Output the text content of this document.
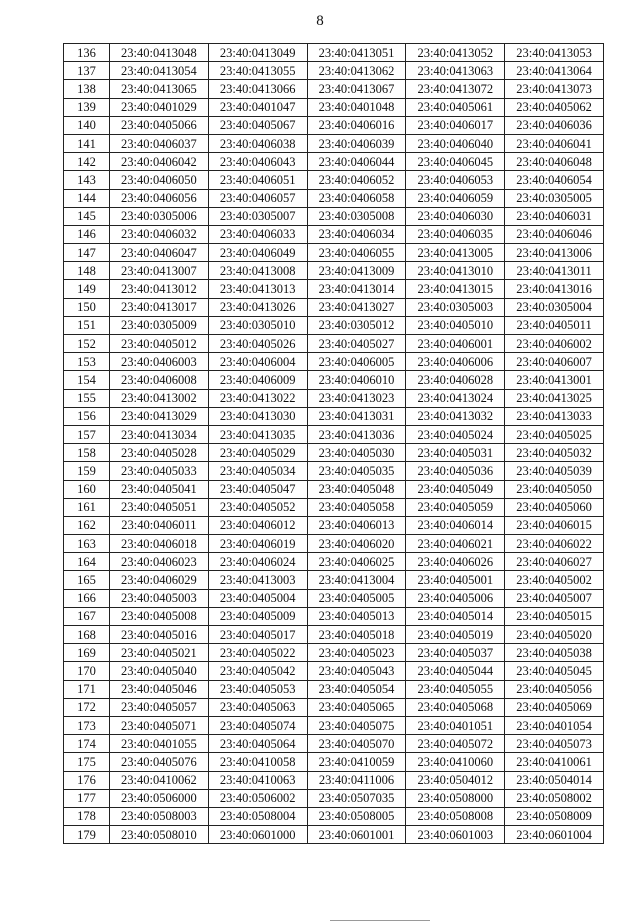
8
136	23:40:0413048	23:40:0413049	23:40:0413051	23:40:0413052	23:40:0413053
137	23:40:0413054	23:40:0413055	23:40:0413062	23:40:0413063	23:40:0413064
138	23:40:0413065	23:40:0413066	23:40:0413067	23:40:0413072	23:40:0413073
139	23:40:0401029	23:40:0401047	23:40:0401048	23:40:0405061	23:40:0405062
140	23:40:0405066	23:40:0405067	23:40:0406016	23:40:0406017	23:40:0406036
141	23:40:0406037	23:40:0406038	23:40:0406039	23:40:0406040	23:40:0406041
142	23:40:0406042	23:40:0406043	23:40:0406044	23:40:0406045	23:40:0406048
143	23:40:0406050	23:40:0406051	23:40:0406052	23:40:0406053	23:40:0406054
144	23:40:0406056	23:40:0406057	23:40:0406058	23:40:0406059	23:40:0305005
145	23:40:0305006	23:40:0305007	23:40:0305008	23:40:0406030	23:40:0406031
146	23:40:0406032	23:40:0406033	23:40:0406034	23:40:0406035	23:40:0406046
147	23:40:0406047	23:40:0406049	23:40:0406055	23:40:0413005	23:40:0413006
148	23:40:0413007	23:40:0413008	23:40:0413009	23:40:0413010	23:40:0413011
149	23:40:0413012	23:40:0413013	23:40:0413014	23:40:0413015	23:40:0413016
150	23:40:0413017	23:40:0413026	23:40:0413027	23:40:0305003	23:40:0305004
151	23:40:0305009	23:40:0305010	23:40:0305012	23:40:0405010	23:40:0405011
152	23:40:0405012	23:40:0405026	23:40:0405027	23:40:0406001	23:40:0406002
153	23:40:0406003	23:40:0406004	23:40:0406005	23:40:0406006	23:40:0406007
154	23:40:0406008	23:40:0406009	23:40:0406010	23:40:0406028	23:40:0413001
155	23:40:0413002	23:40:0413022	23:40:0413023	23:40:0413024	23:40:0413025
156	23:40:0413029	23:40:0413030	23:40:0413031	23:40:0413032	23:40:0413033
157	23:40:0413034	23:40:0413035	23:40:0413036	23:40:0405024	23:40:0405025
158	23:40:0405028	23:40:0405029	23:40:0405030	23:40:0405031	23:40:0405032
159	23:40:0405033	23:40:0405034	23:40:0405035	23:40:0405036	23:40:0405039
160	23:40:0405041	23:40:0405047	23:40:0405048	23:40:0405049	23:40:0405050
161	23:40:0405051	23:40:0405052	23:40:0405058	23:40:0405059	23:40:0405060
162	23:40:0406011	23:40:0406012	23:40:0406013	23:40:0406014	23:40:0406015
163	23:40:0406018	23:40:0406019	23:40:0406020	23:40:0406021	23:40:0406022
164	23:40:0406023	23:40:0406024	23:40:0406025	23:40:0406026	23:40:0406027
165	23:40:0406029	23:40:0413003	23:40:0413004	23:40:0405001	23:40:0405002
166	23:40:0405003	23:40:0405004	23:40:0405005	23:40:0405006	23:40:0405007
167	23:40:0405008	23:40:0405009	23:40:0405013	23:40:0405014	23:40:0405015
168	23:40:0405016	23:40:0405017	23:40:0405018	23:40:0405019	23:40:0405020
169	23:40:0405021	23:40:0405022	23:40:0405023	23:40:0405037	23:40:0405038
170	23:40:0405040	23:40:0405042	23:40:0405043	23:40:0405044	23:40:0405045
171	23:40:0405046	23:40:0405053	23:40:0405054	23:40:0405055	23:40:0405056
172	23:40:0405057	23:40:0405063	23:40:0405065	23:40:0405068	23:40:0405069
173	23:40:0405071	23:40:0405074	23:40:0405075	23:40:0401051	23:40:0401054
174	23:40:0401055	23:40:0405064	23:40:0405070	23:40:0405072	23:40:0405073
175	23:40:0405076	23:40:0410058	23:40:0410059	23:40:0410060	23:40:0410061
176	23:40:0410062	23:40:0410063	23:40:0411006	23:40:0504012	23:40:0504014
177	23:40:0506000	23:40:0506002	23:40:0507035	23:40:0508000	23:40:0508002
178	23:40:0508003	23:40:0508004	23:40:0508005	23:40:0508008	23:40:0508009
179	23:40:0508010	23:40:0601000	23:40:0601001	23:40:0601003	23:40:0601004
